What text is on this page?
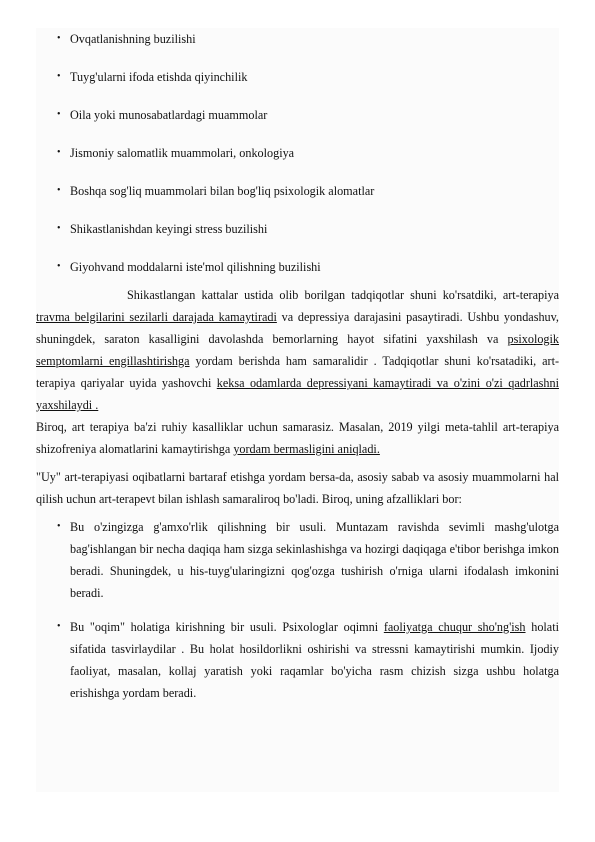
• Ovqatlanishning buzilishi
• Tuyg'ularni ifoda etishda qiyinchilik
• Oila yoki munosabatlardagi muammolar
• Jismoniy salomatlik muammolari, onkologiya
• Boshqa sog'liq muammolari bilan bog'liq psixologik alomatlar
• Shikastlanishdan keyingi stress buzilishi
• Giyohvand moddalarni iste'mol qilishning buzilishi

Shikastlangan kattalar ustida olib borilgan tadqiqotlar shuni ko'rsatdiki, art-terapiya travma belgilarini sezilarli darajada kamaytiradi va depressiya darajasini pasaytiradi. Ushbu yondashuv, shuningdek, saraton kasalligini davolashda bemorlarning hayot sifatini yaxshilash va psixologik semptomlarni engillashtirishga yordam berishda ham samaralidir . Tadqiqotlar shuni ko'rsatadiki, art-terapiya qariyalar uyida yashovchi keksa odamlarda depressiyani kamaytiradi va o'zini o'zi qadrlashni yaxshilaydi .

Biroq, art terapiya ba'zi ruhiy kasalliklar uchun samarasiz. Masalan, 2019 yilgi meta-tahlil art-terapiya shizofreniya alomatlarini kamaytirishga yordam bermasligini aniqladi.

"Uy" art-terapiyasi oqibatlarni bartaraf etishga yordam bersa-da, asosiy sabab va asosiy muammolarni hal qilish uchun art-terapevt bilan ishlash samaraliroq bo'ladi. Biroq, uning afzalliklari bor:

• Bu o'zingizga g'amxo'rlik qilishning bir usuli. Muntazam ravishda sevimli mashg'ulotga bag'ishlangan bir necha daqiqa ham sizga sekinlashishga va hozirgi daqiqaga e'tibor berishga imkon beradi. Shuningdek, u his-tuyg'ularingizni qog'ozga tushirish o'rniga ularni ifodalash imkonini beradi.
• Bu "oqim" holatiga kirishning bir usuli. Psixologlar oqimni faoliyatga chuqur sho'ng'ish holati sifatida tasvirlaydilar . Bu holat hosildorlikni oshirishi va stressni kamaytirishi mumkin. Ijodiy faoliyat, masalan, kollaj yaratish yoki raqamlar bo'yicha rasm chizish sizga ushbu holatga erishishga yordam beradi.
